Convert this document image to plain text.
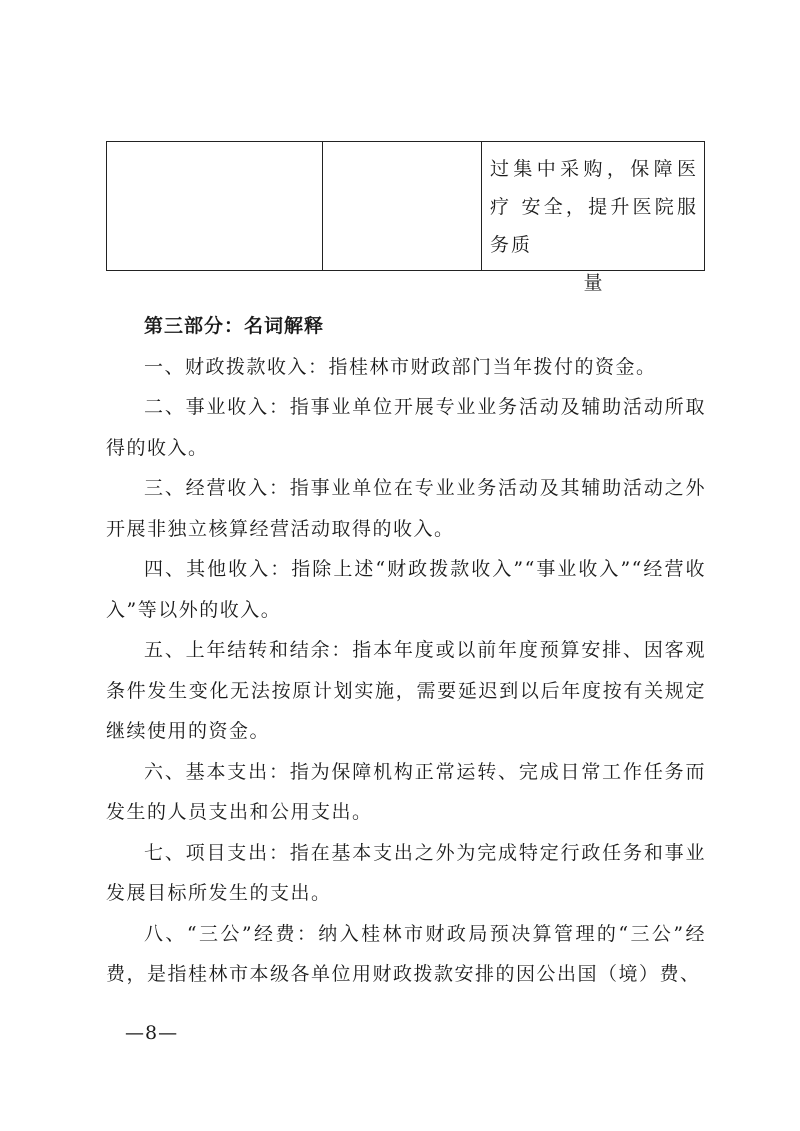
过集中采购，保障医疗 安全，提升医院服务质
量

第三部分：名词解释

一、财政拨款收入：指桂林市财政部门当年拨付的资金。

二、事业收入：指事业单位开展专业业务活动及辅助活动所取得的收入。

三、经营收入：指事业单位在专业业务活动及其辅助活动之外开展非独立核算经营活动取得的收入。

四、其他收入：指除上述“财政拨款收入”“事业收入”“经营收入”等以外的收入。

五、上年结转和结余：指本年度或以前年度预算安排、因客观条件发生变化无法按原计划实施，需要延迟到以后年度按有关规定继续使用的资金。

六、基本支出：指为保障机构正常运转、完成日常工作任务而发生的人员支出和公用支出。

七、项目支出：指在基本支出之外为完成特定行政任务和事业发展目标所发生的支出。

八、“三公”经费：纳入桂林市财政局预决算管理的“三公”经费，是指桂林市本级各单位用财政拨款安排的因公出国（境）费、

—8—
